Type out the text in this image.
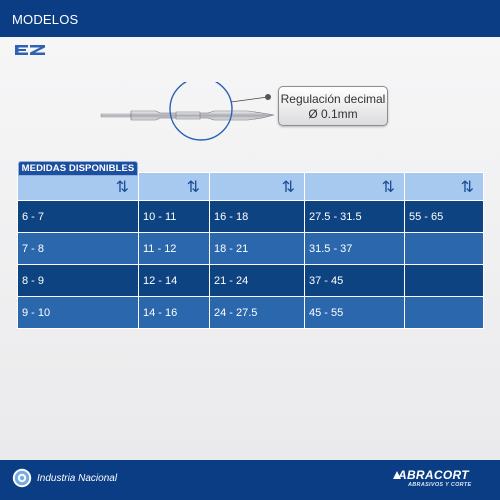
MODELOS
Regulación decimal
Ø 0.1mm
MEDIDAS DISPONIBLES
⇅	⇅	⇅	⇅	⇅
6 - 7	10 - 11	16 - 18	27.5 - 31.5	55 - 65
7 - 8	11 - 12	18 - 21	31.5 - 37	
8 - 9	12 - 14	21 - 24	37 - 45	
9 - 10	14 - 16	24 - 27.5	45 - 55	
Industria Nacional	ABRACORT
ABRASIVOS Y CORTE
